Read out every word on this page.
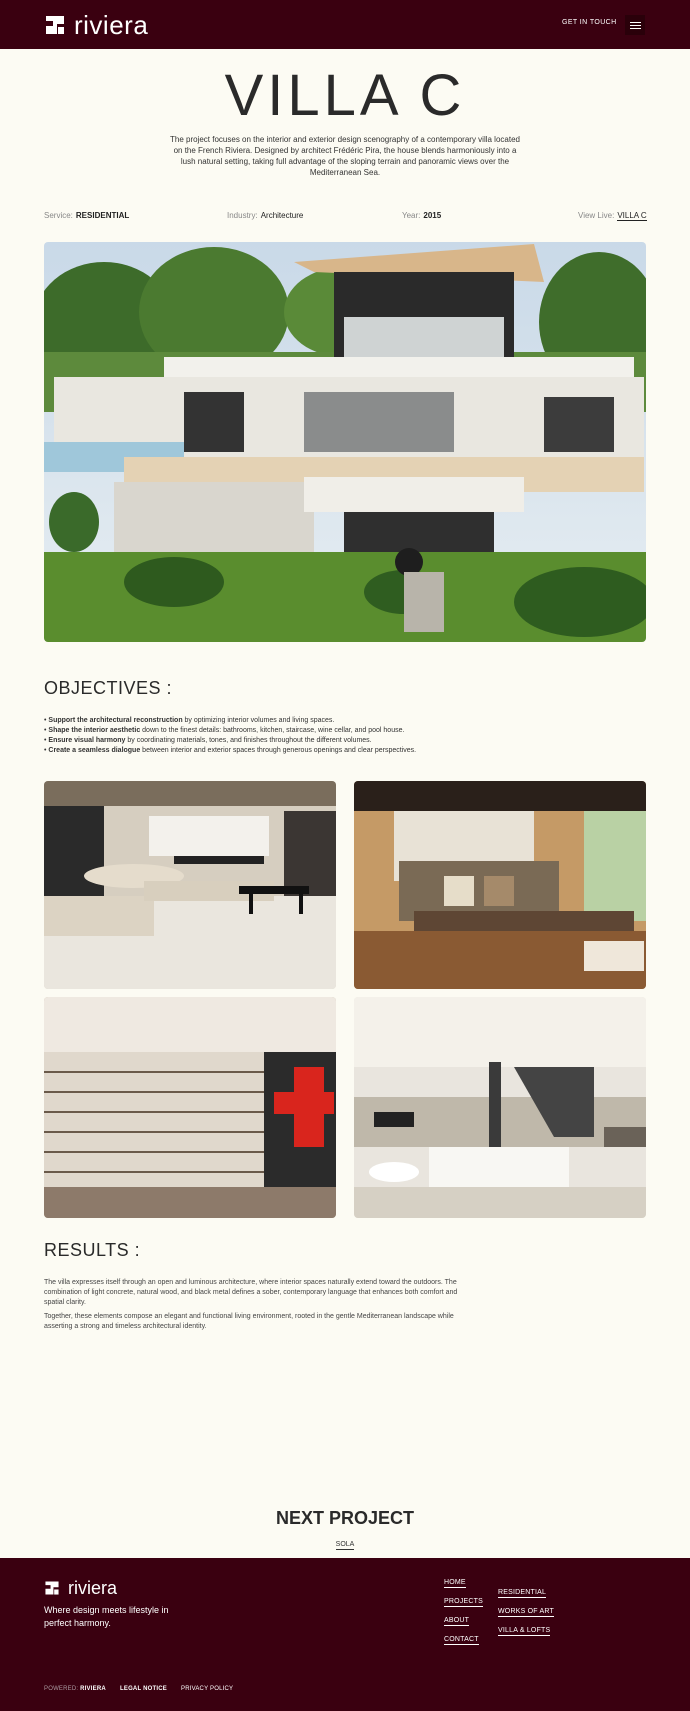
riviera	GET IN TOUCH
VILLA C

The project focuses on the interior and exterior design scenography of a contemporary villa located on the French Riviera. Designed by architect Frédéric Pira, the house blends harmoniously into a lush natural setting, taking full advantage of the sloping terrain and panoramic views over the Mediterranean Sea.

Service: RESIDENTIAL	Industry: Architecture	Year: 2015	View Live: VILLA C
OBJECTIVES :
• Support the architectural reconstruction by optimizing interior volumes and living spaces.
• Shape the interior aesthetic down to the finest details: bathrooms, kitchen, staircase, wine cellar, and pool house.
• Ensure visual harmony by coordinating materials, tones, and finishes throughout the different volumes.
• Create a seamless dialogue between interior and exterior spaces through generous openings and clear perspectives.
RESULTS :

The villa expresses itself through an open and luminous architecture, where interior spaces naturally extend toward the outdoors. The combination of light concrete, natural wood, and black metal defines a sober, contemporary language that enhances both comfort and spatial clarity.

Together, these elements compose an elegant and functional living environment, rooted in the gentle Mediterranean landscape while asserting a strong and timeless architectural identity.

NEXT PROJECT
SOLA
riviera

Where design meets lifestyle in perfect harmony.

HOME
PROJECTS
ABOUT
CONTACT
RESIDENTIAL
WORKS OF ART
VILLA & LOFTS
POWERED: RIVIERA LEGAL NOTICE PRIVACY POLICY
